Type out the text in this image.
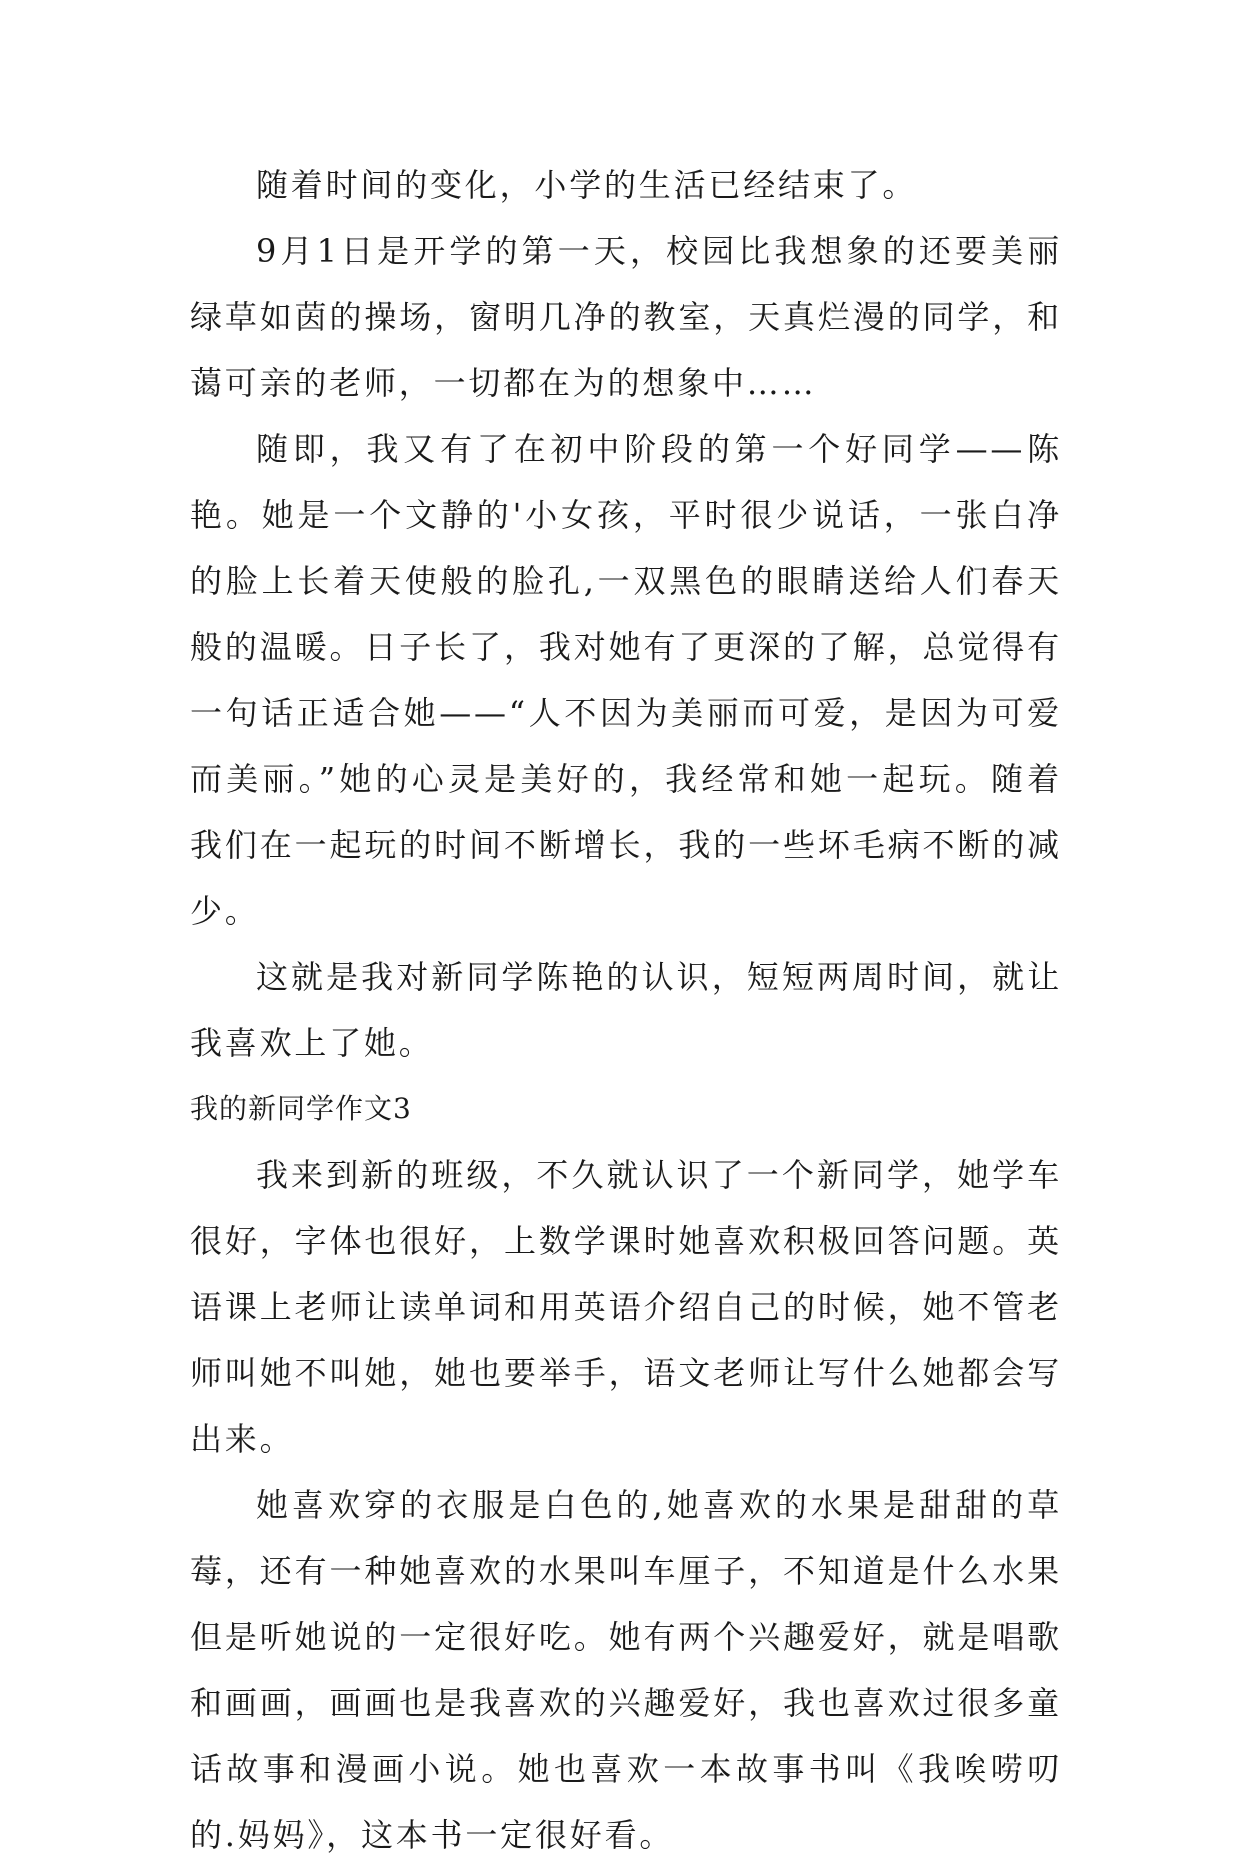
随着时间的变化，小学的生活已经结束了。

9月1日是开学的第一天，校园比我想象的还要美丽绿草如茵的操场，窗明几净的教室，天真烂漫的同学，和蔼可亲的老师，一切都在为的想象中……

随即，我又有了在初中阶段的第一个好同学——陈艳。她是一个文静的'小女孩，平时很少说话，一张白净的脸上长着天使般的脸孔,一双黑色的眼睛送给人们春天般的温暖。日子长了，我对她有了更深的了解，总觉得有一句话正适合她——“人不因为美丽而可爱，是因为可爱而美丽。”她的心灵是美好的，我经常和她一起玩。随着我们在一起玩的时间不断增长，我的一些坏毛病不断的减少。

这就是我对新同学陈艳的认识，短短两周时间，就让我喜欢上了她。

我的新同学作文3

我来到新的班级，不久就认识了一个新同学，她学车很好，字体也很好，上数学课时她喜欢积极回答问题。英语课上老师让读单词和用英语介绍自己的时候，她不管老师叫她不叫她，她也要举手，语文老师让写什么她都会写出来。

她喜欢穿的衣服是白色的,她喜欢的水果是甜甜的草莓，还有一种她喜欢的水果叫车厘子，不知道是什么水果但是听她说的一定很好吃。她有两个兴趣爱好，就是唱歌和画画，画画也是我喜欢的兴趣爱好，我也喜欢过很多童话故事和漫画小说。她也喜欢一本故事书叫《我唉唠叨的.妈妈》，这本书一定很好看。
